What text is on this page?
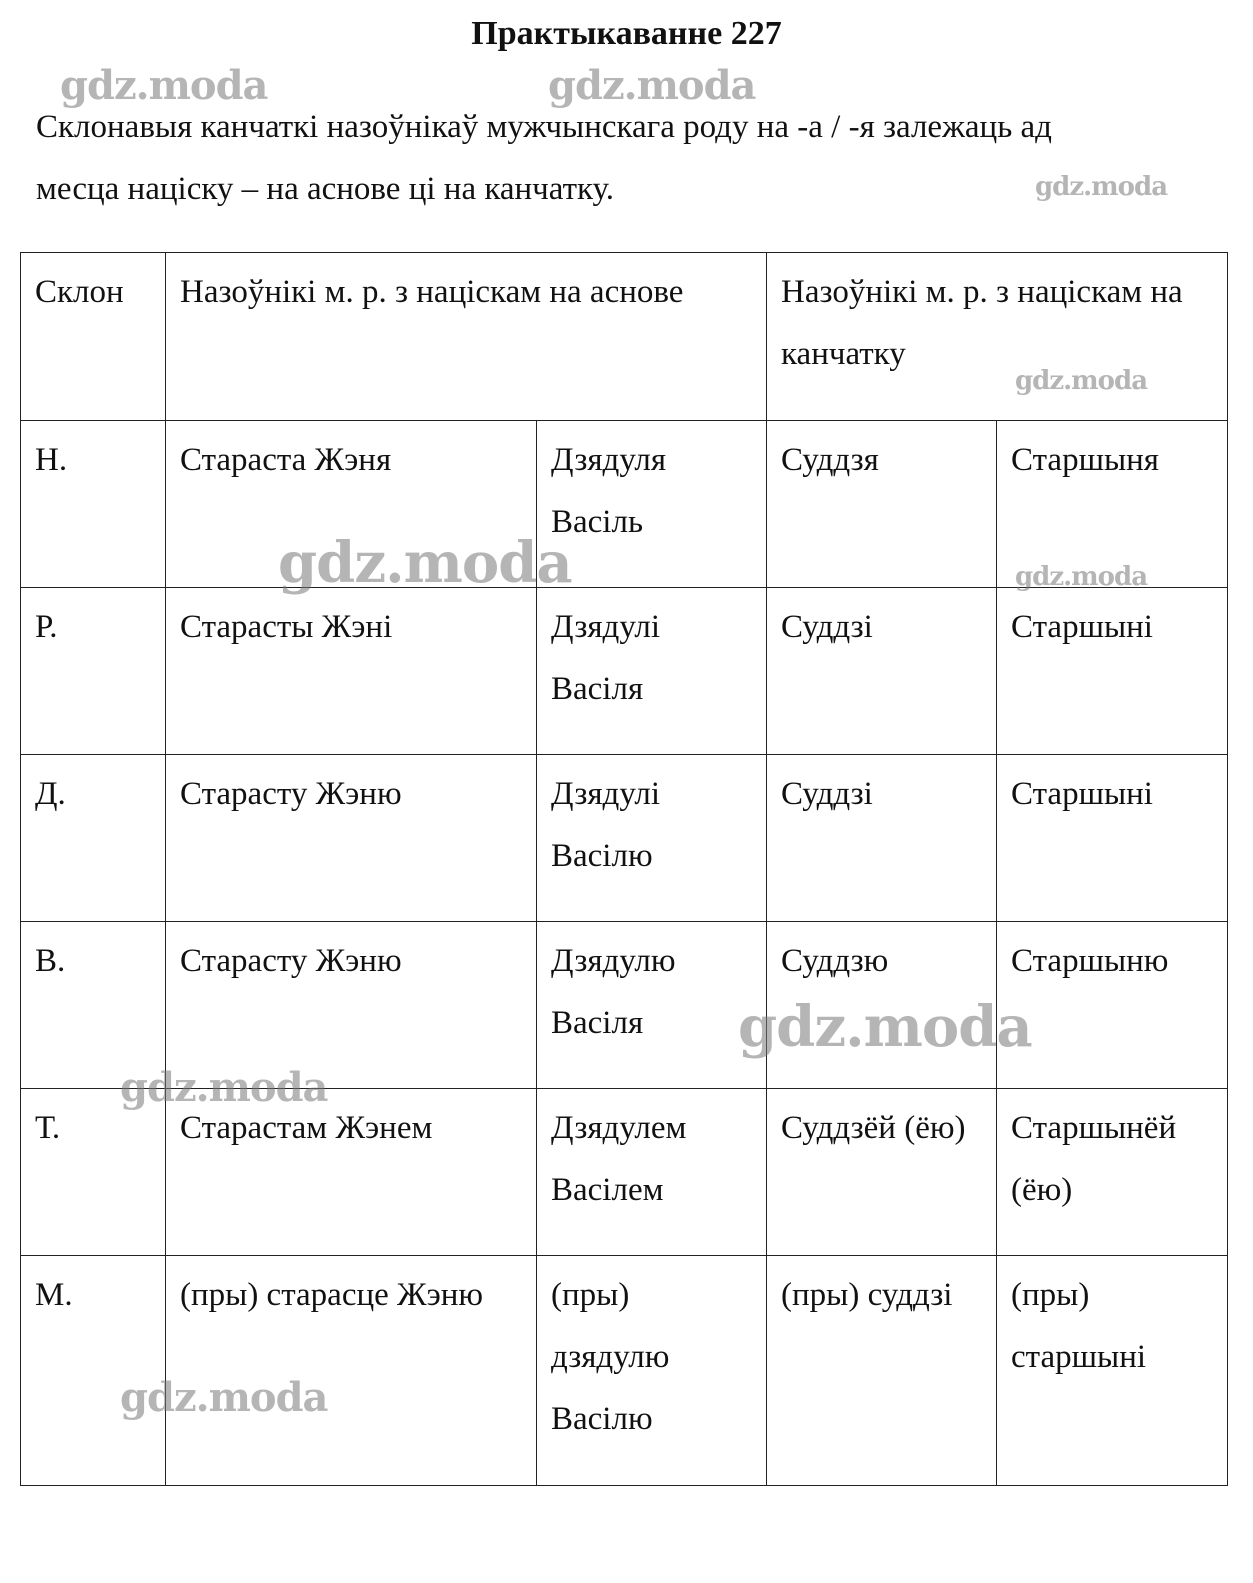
Практыкаванне 227
Склонавыя канчаткі назоўнікаў мужчынскага роду на -а / -я залежаць ад
месца націску – на аснове ці на канчатку.
Склон	Назоўнікі м. р. з націскам на аснове		Назоўнікі м. р. з націскам на канчатку	
Н.	Стараста Жэня	Дзядуля Васіль	Суддзя	Старшыня
Р.	Старасты Жэні	Дзядулі Васіля	Суддзі	Старшыні
Д.	Старасту Жэню	Дзядулі Васілю	Суддзі	Старшыні
В.	Старасту Жэню	Дзядулю Васіля	Суддзю	Старшыню
Т.	Старастам Жэнем	Дзядулем Васілем	Суддзёй (ёю)	Старшынёй (ёю)
М.	(пры) старасце Жэню	(пры) дзядулю Васілю	(пры) суддзі	(пры) старшыні
gdz.moda	gdz.moda
gdz.moda
gdz.moda
gdz.moda	gdz.moda
gdz.moda
gdz.moda
gdz.moda
